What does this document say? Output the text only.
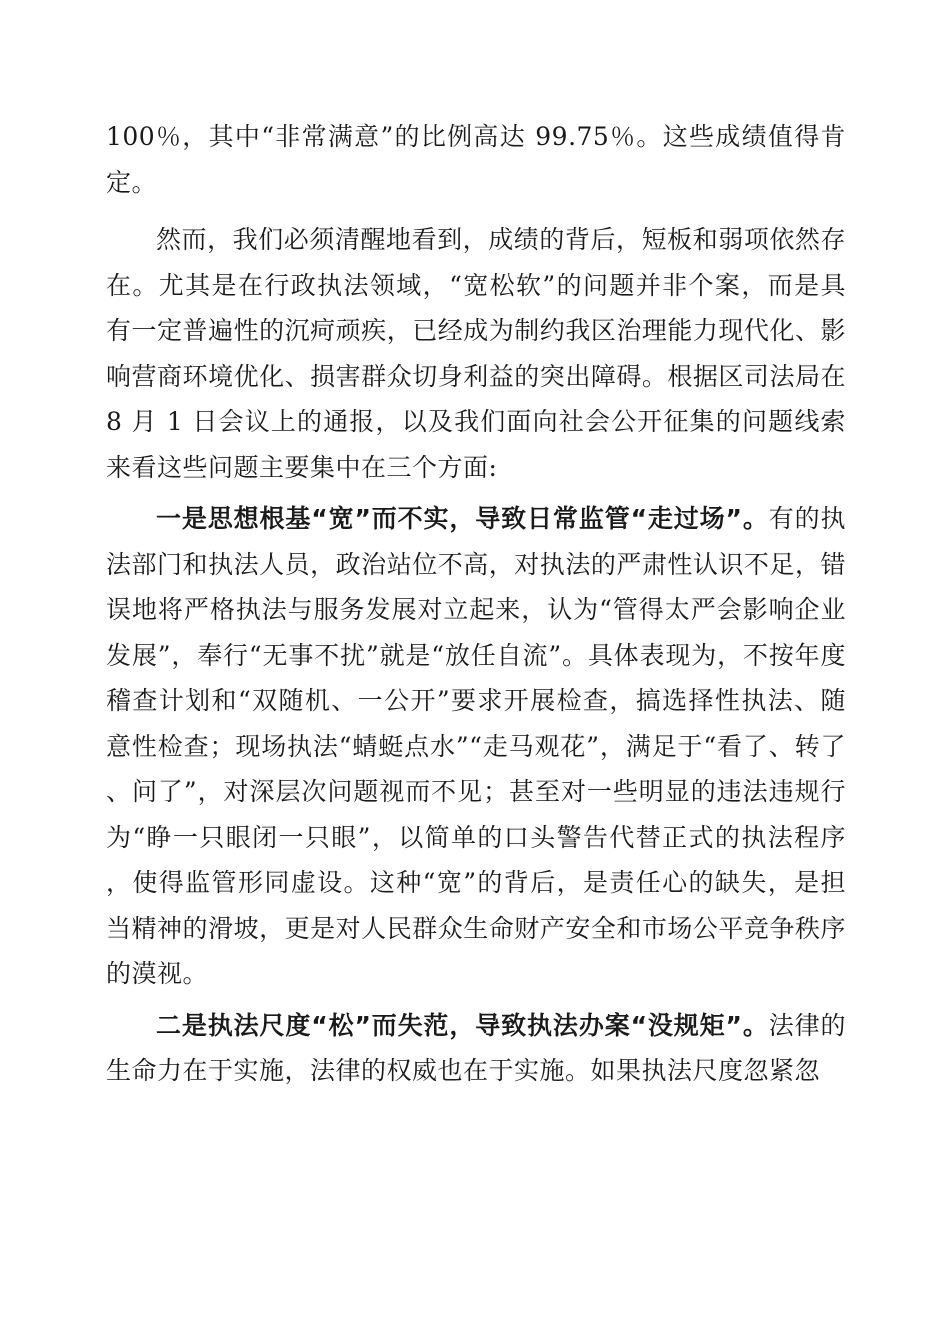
100％，其中“非常满意”的比例高达 99.75％。这些成绩值得肯定。

然而，我们必须清醒地看到，成绩的背后，短板和弱项依然存在。尤其是在行政执法领域，“宽松软”的问题并非个案，而是具有一定普遍性的沉疴顽疾，已经成为制约我区治理能力现代化、影响营商环境优化、损害群众切身利益的突出障碍。根据区司法局在 8 月 1 日会议上的通报，以及我们面向社会公开征集的问题线索来看这些问题主要集中在三个方面:

一是思想根基“宽”而不实，导致日常监管“走过场”。有的执法部门和执法人员，政治站位不高，对执法的严肃性认识不足，错误地将严格执法与服务发展对立起来，认为“管得太严会影响企业发展”，奉行“无事不扰”就是“放任自流”。具体表现为，不按年度稽查计划和“双随机、一公开”要求开展检查，搞选择性执法、随意性检查；现场执法“蜻蜓点水”“走马观花”，满足于“看了、转了、问了”，对深层次问题视而不见；甚至对一些明显的违法违规行为“睁一只眼闭一只眼”，以简单的口头警告代替正式的执法程序，使得监管形同虚设。这种“宽”的背后，是责任心的缺失，是担当精神的滑坡，更是对人民群众生命财产安全和市场公平竞争秩序的漠视。

二是执法尺度“松”而失范，导致执法办案“没规矩”。法律的生命力在于实施，法律的权威也在于实施。如果执法尺度忽紧忽
